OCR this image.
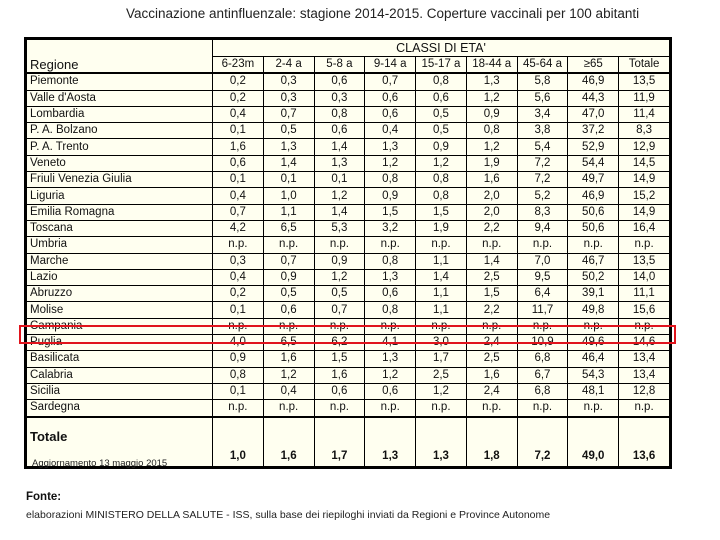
Vaccinazione antinfluenzale: stagione 2014-2015. Coperture vaccinali per 100 abitanti
Regione	CLASSI DI ETA'								
	6-23m	2-4 a	5-8 a	9-14 a	15-17 a	18-44 a	45-64 a	≥65	Totale
Piemonte	0,2	0,3	0,6	0,7	0,8	1,3	5,8	46,9	13,5
Valle d'Aosta	0,2	0,3	0,3	0,6	0,6	1,2	5,6	44,3	11,9
Lombardia	0,4	0,7	0,8	0,6	0,5	0,9	3,4	47,0	11,4
P. A. Bolzano	0,1	0,5	0,6	0,4	0,5	0,8	3,8	37,2	8,3
P. A. Trento	1,6	1,3	1,4	1,3	0,9	1,2	5,4	52,9	12,9
Veneto	0,6	1,4	1,3	1,2	1,2	1,9	7,2	54,4	14,5
Friuli Venezia Giulia	0,1	0,1	0,1	0,8	0,8	1,6	7,2	49,7	14,9
Liguria	0,4	1,0	1,2	0,9	0,8	2,0	5,2	46,9	15,2
Emilia Romagna	0,7	1,1	1,4	1,5	1,5	2,0	8,3	50,6	14,9
Toscana	4,2	6,5	5,3	3,2	1,9	2,2	9,4	50,6	16,4
Umbria	n.p.	n.p.	n.p.	n.p.	n.p.	n.p.	n.p.	n.p.	n.p.
Marche	0,3	0,7	0,9	0,8	1,1	1,4	7,0	46,7	13,5
Lazio	0,4	0,9	1,2	1,3	1,4	2,5	9,5	50,2	14,0
Abruzzo	0,2	0,5	0,5	0,6	1,1	1,5	6,4	39,1	11,1
Molise	0,1	0,6	0,7	0,8	1,1	2,2	11,7	49,8	15,6
Campania	n.p.	n.p.	n.p.	n.p.	n.p.	n.p.	n.p.	n.p.	n.p.
Puglia	4,0	6,5	6,2	4,1	3,0	2,4	10,9	49,6	14,6
Basilicata	0,9	1,6	1,5	1,3	1,7	2,5	6,8	46,4	13,4
Calabria	0,8	1,2	1,6	1,2	2,5	1,6	6,7	54,3	13,4
Sicilia	0,1	0,4	0,6	0,6	1,2	2,4	6,8	48,1	12,8
Sardegna	n.p.	n.p.	n.p.	n.p.	n.p.	n.p.	n.p.	n.p.	n.p.
Totale	1,0	1,6	1,7	1,3	1,3	1,8	7,2	49,0	13,6
Aggiornamento 13 maggio 2015
Fonte:
elaborazioni MINISTERO DELLA SALUTE - ISS, sulla base dei riepiloghi inviati da Regioni e Province Autonome
